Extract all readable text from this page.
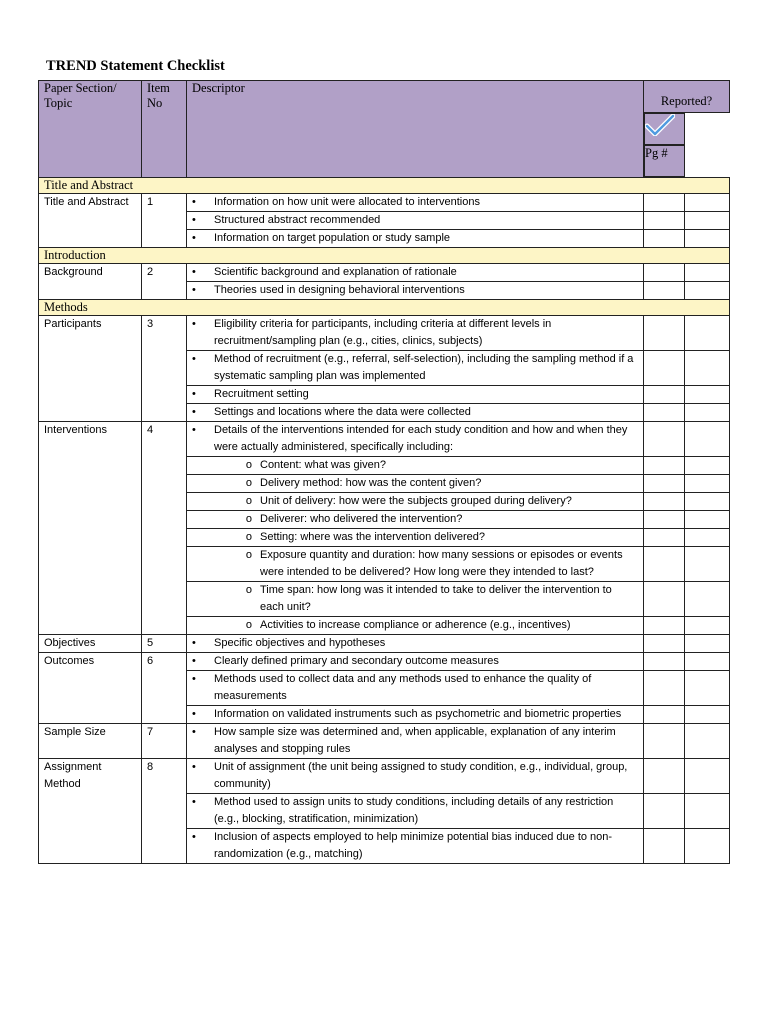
TREND Statement Checklist
Paper Section/ Topic	Item No	Descriptor	Reported?	

Pg #

Title and Abstract				
Title and Abstract	1	• Information on how unit were allocated to interventions		

		• Structured abstract recommended		

		• Information on target population or study sample		

Introduction				
Background	2	• Scientific background and explanation of rationale		

		• Theories used in designing behavioral interventions		

Methods				
Participants	3	• Eligibility criteria for participants, including criteria at different levels in recruitment/sampling plan (e.g., cities, clinics, subjects)		

		• Method of recruitment (e.g., referral, self-selection), including the sampling method if a systematic sampling plan was implemented		

		• Recruitment setting		

		• Settings and locations where the data were collected		

Interventions	4	• Details of the interventions intended for each study condition and how and when they were actually administered, specifically including:		

		o Content: what was given?		

		o Delivery method: how was the content given?		

		o Unit of delivery: how were the subjects grouped during delivery?		

		o Deliverer: who delivered the intervention?		

		o Setting: where was the intervention delivered?		

		o Exposure quantity and duration: how many sessions or episodes or events were intended to be delivered? How long were they intended to last?		

		o Time span: how long was it intended to take to deliver the intervention to each unit?		

		o Activities to increase compliance or adherence (e.g., incentives)		

Objectives	5	• Specific objectives and hypotheses		

Outcomes	6	• Clearly defined primary and secondary outcome measures		

		• Methods used to collect data and any methods used to enhance the quality of measurements		

		• Information on validated instruments such as psychometric and biometric properties		

Sample Size	7	• How sample size was determined and, when applicable, explanation of any interim analyses and stopping rules		

Assignment Method	8	• Unit of assignment (the unit being assigned to study condition, e.g., individual, group, community)		

		• Method used to assign units to study conditions, including details of any restriction (e.g., blocking, stratification, minimization)		

		• Inclusion of aspects employed to help minimize potential bias induced due to non-randomization (e.g., matching)		
